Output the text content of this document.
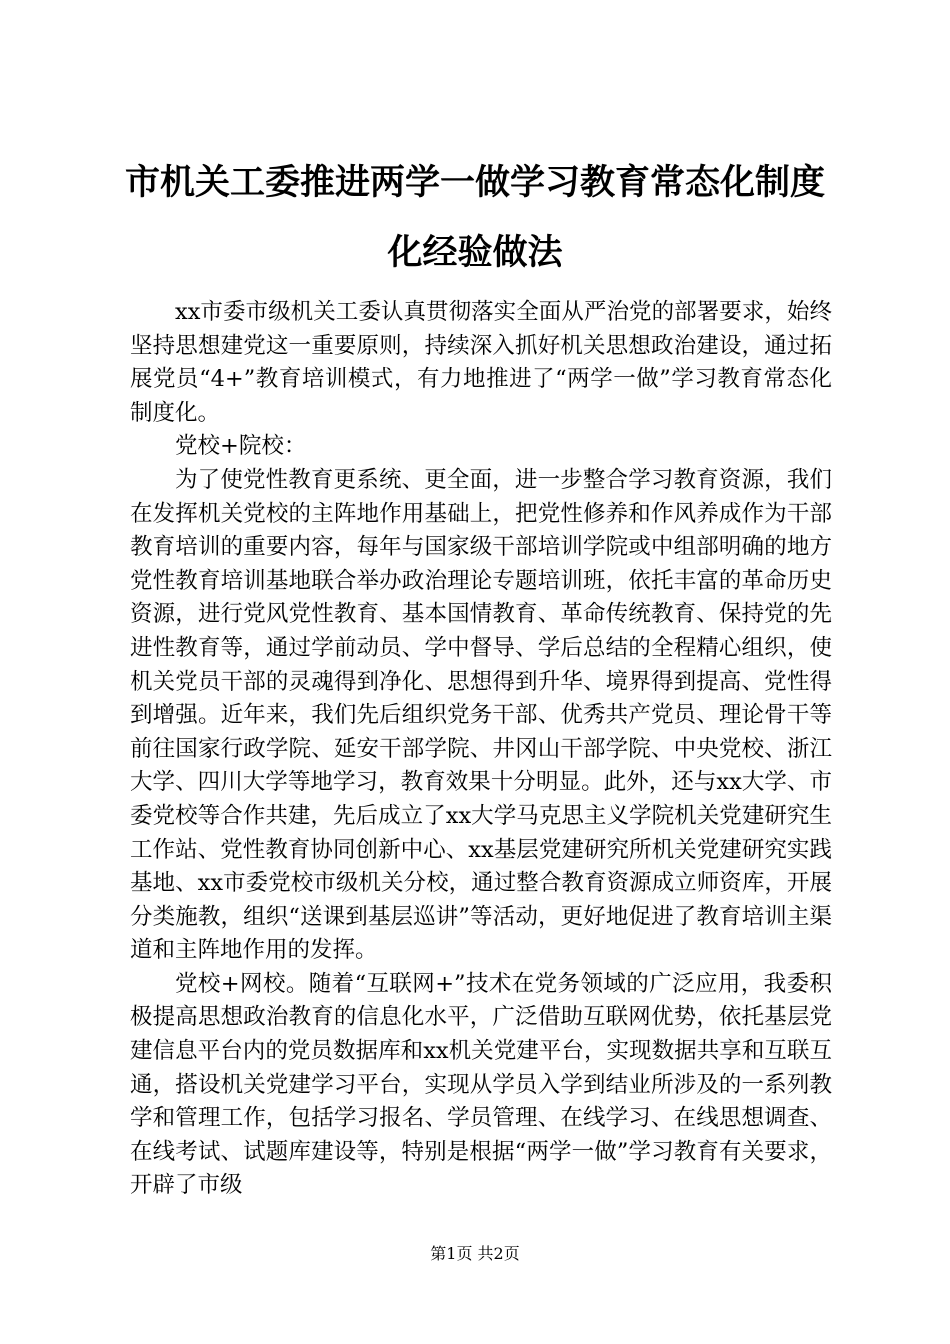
市机关工委推进两学一做学习教育常态化制度
化经验做法

xx市委市级机关工委认真贯彻落实全面从严治党的部署要求，始终坚持思想建党这一重要原则，持续深入抓好机关思想政治建设，通过拓展党员“4+”教育培训模式，有力地推进了“两学一做”学习教育常态化制度化。

党校+院校：

为了使党性教育更系统、更全面，进一步整合学习教育资源，我们在发挥机关党校的主阵地作用基础上，把党性修养和作风养成作为干部教育培训的重要内容，每年与国家级干部培训学院或中组部明确的地方党性教育培训基地联合举办政治理论专题培训班，依托丰富的革命历史资源，进行党风党性教育、基本国情教育、革命传统教育、保持党的先进性教育等，通过学前动员、学中督导、学后总结的全程精心组织，使机关党员干部的灵魂得到净化、思想得到升华、境界得到提高、党性得到增强。近年来，我们先后组织党务干部、优秀共产党员、理论骨干等前往国家行政学院、延安干部学院、井冈山干部学院、中央党校、浙江大学、四川大学等地学习，教育效果十分明显。此外，还与xx大学、市委党校等合作共建，先后成立了xx大学马克思主义学院机关党建研究生工作站、党性教育协同创新中心、xx基层党建研究所机关党建研究实践基地、xx市委党校市级机关分校，通过整合教育资源成立师资库，开展分类施教，组织“送课到基层巡讲”等活动，更好地促进了教育培训主渠道和主阵地作用的发挥。

党校+网校。随着“互联网+”技术在党务领域的广泛应用，我委积极提高思想政治教育的信息化水平，广泛借助互联网优势，依托基层党建信息平台内的党员数据库和xx机关党建平台，实现数据共享和互联互通，搭设机关党建学习平台，实现从学员入学到结业所涉及的一系列教学和管理工作，包括学习报名、学员管理、在线学习、在线思想调查、在线考试、试题库建设等，特别是根据“两学一做”学习教育有关要求，开辟了市级

第1页 共2页
